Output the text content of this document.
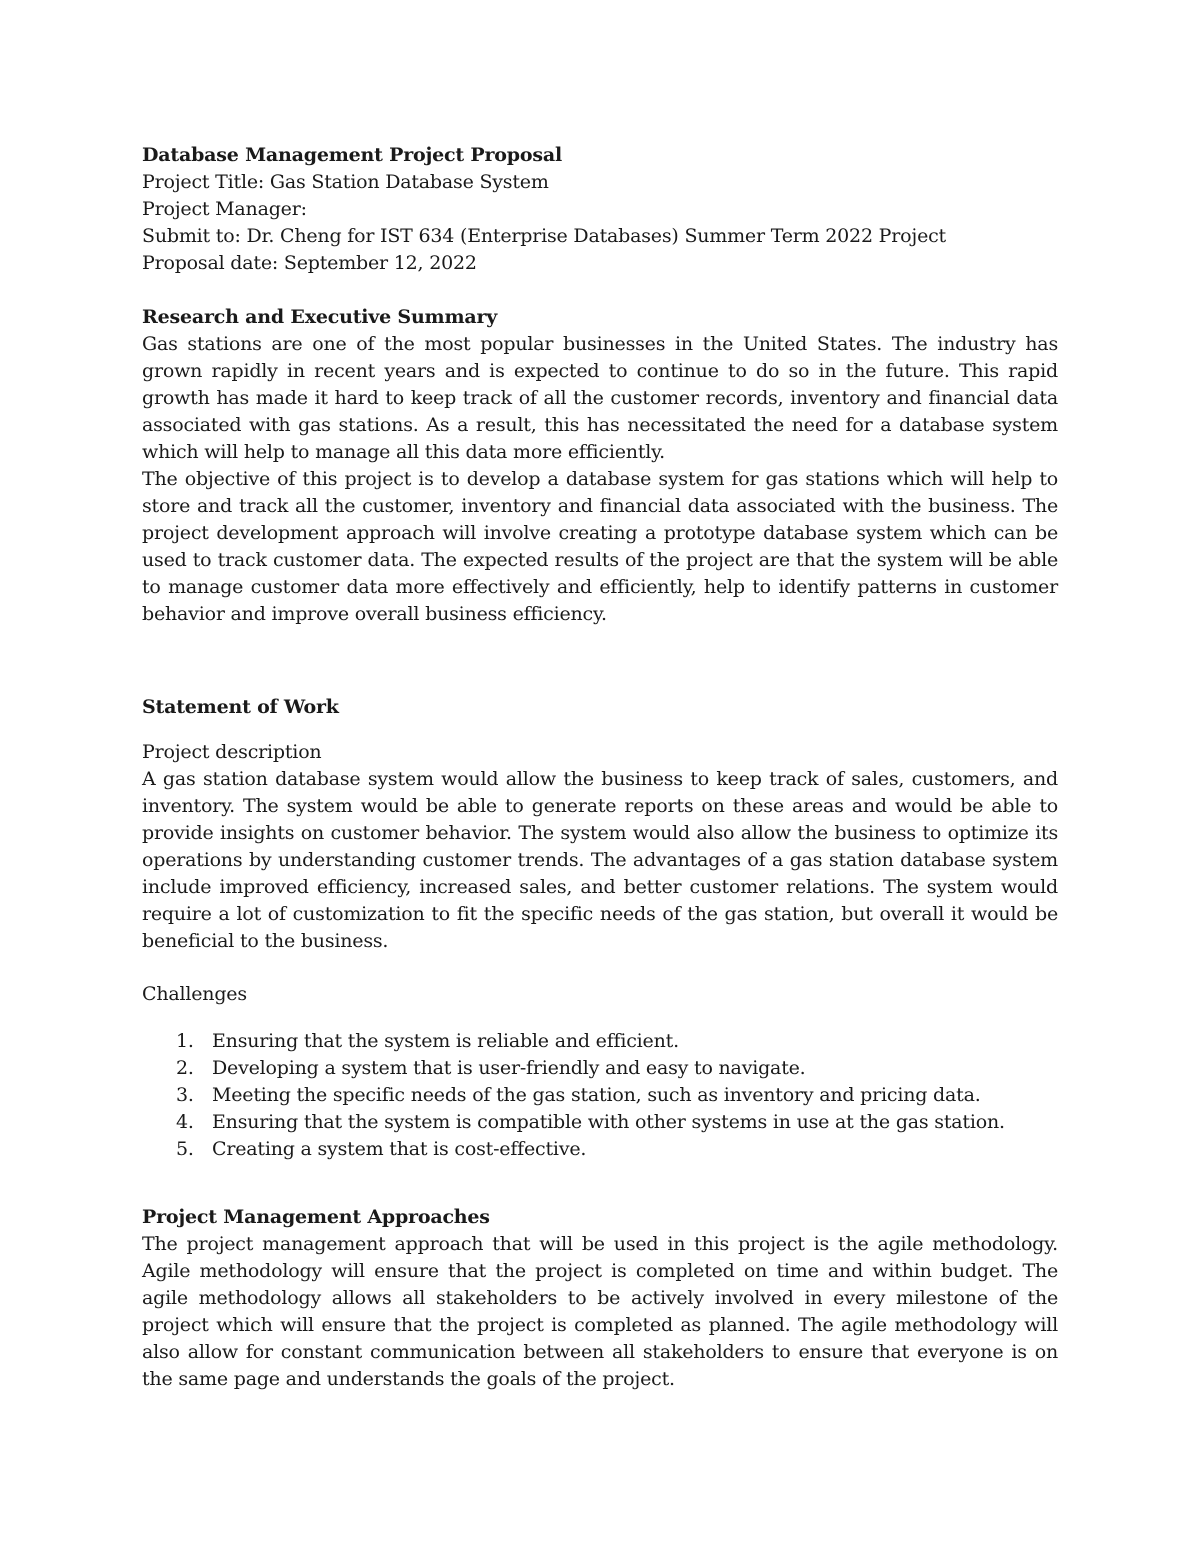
Database Management Project Proposal
Project Title: Gas Station Database System
Project Manager:
Submit to: Dr. Cheng for IST 634 (Enterprise Databases) Summer Term 2022 Project
Proposal date: September 12, 2022
Research and Executive Summary

Gas stations are one of the most popular businesses in the United States. The industry has grown rapidly in recent years and is expected to continue to do so in the future. This rapid growth has made it hard to keep track of all the customer records, inventory and financial data associated with gas stations. As a result, this has necessitated the need for a database system which will help to manage all this data more efficiently.

The objective of this project is to develop a database system for gas stations which will help to store and track all the customer, inventory and financial data associated with the business. The project development approach will involve creating a prototype database system which can be used to track customer data. The expected results of the project are that the system will be able to manage customer data more effectively and efficiently, help to identify patterns in customer behavior and improve overall business efficiency.

Statement of Work
Project description

A gas station database system would allow the business to keep track of sales, customers, and inventory. The system would be able to generate reports on these areas and would be able to provide insights on customer behavior. The system would also allow the business to optimize its operations by understanding customer trends. The advantages of a gas station database system include improved efficiency, increased sales, and better customer relations. The system would require a lot of customization to fit the specific needs of the gas station, but overall it would be beneficial to the business.

Challenges
1. Ensuring that the system is reliable and efficient.
2. Developing a system that is user-friendly and easy to navigate.
3. Meeting the specific needs of the gas station, such as inventory and pricing data.
4. Ensuring that the system is compatible with other systems in use at the gas station.
5. Creating a system that is cost-effective.
Project Management Approaches

The project management approach that will be used in this project is the agile methodology. Agile methodology will ensure that the project is completed on time and within budget. The agile methodology allows all stakeholders to be actively involved in every milestone of the project which will ensure that the project is completed as planned. The agile methodology will also allow for constant communication between all stakeholders to ensure that everyone is on the same page and understands the goals of the project.
